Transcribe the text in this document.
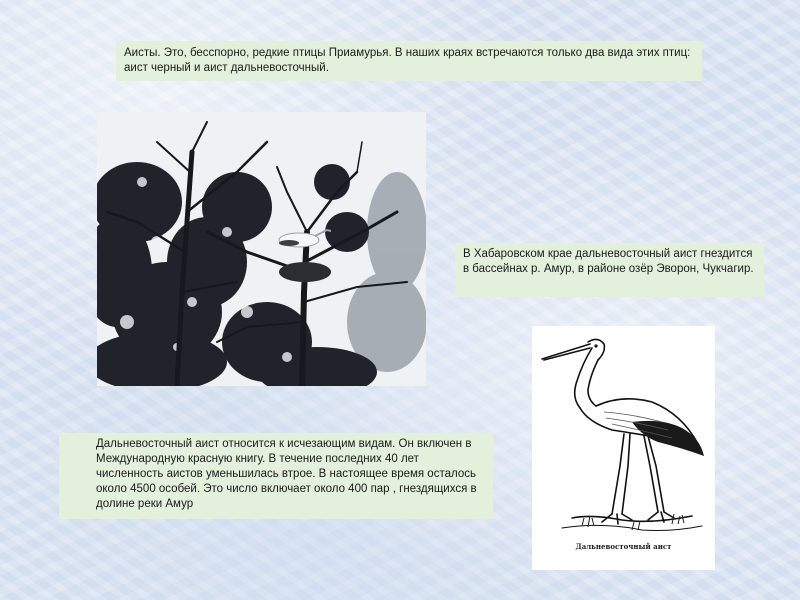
Аисты. Это, бесспорно, редкие птицы Приамурья. В наших краях встречаются только два вида этих птиц: аист черный и аист дальневосточный.
В Хабаровском крае дальневосточный аист гнездится в бассейнах р. Амур, в районе озёр Эворон, Чукчагир.
Дальневосточный аист относится к исчезающим видам. Он включен в Международную красную книгу. В течение последних 40 лет численность аистов уменьшилась втрое. В настоящее время осталось около 4500 особей. Это число включает около 400 пар , гнездящихся в долине реки Амур
Дальневосточный аист
